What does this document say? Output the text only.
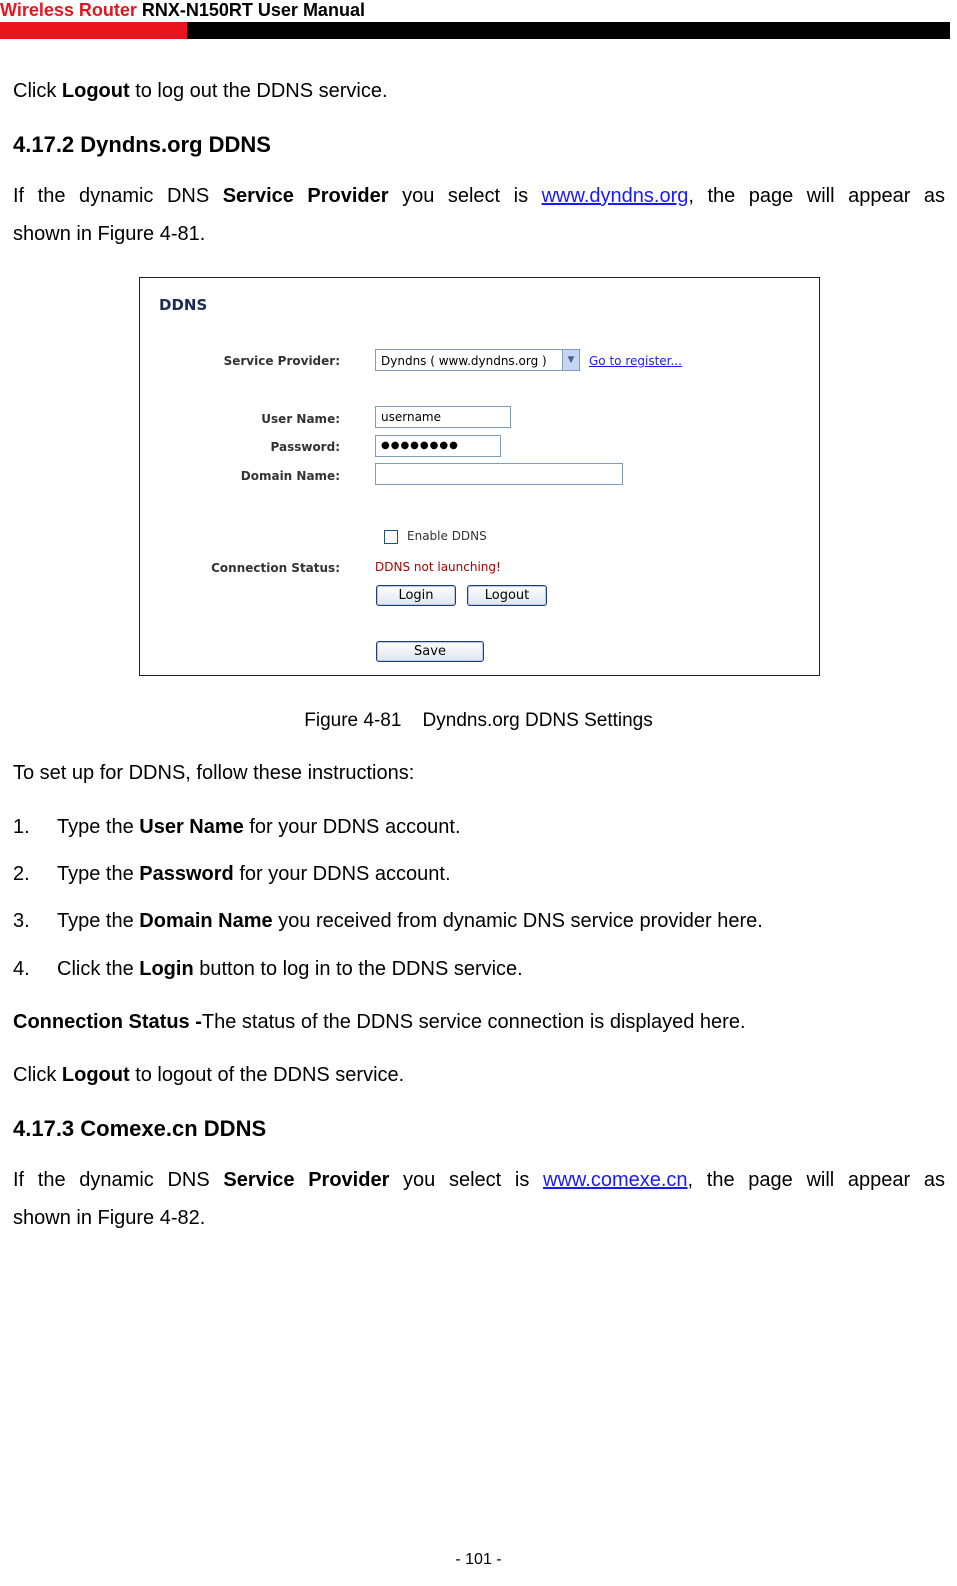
Wireless Router RNX-N150RT User Manual
Click Logout to log out the DDNS service.
4.17.2 Dyndns.org DDNS
If the dynamic DNS Service Provider you select is www.dyndns.org, the page will appear as
shown in Figure 4-81.
DDNS
Service Provider:	Dyndns ( www.dyndns.org )	▼	Go to register...
User Name:	username
Password:	●●●●●●●●
Domain Name:
Enable DDNS
Connection Status:	DDNS not launching!
Login	Logout
Save
Figure 4-81    Dyndns.org DDNS Settings
To set up for DDNS, follow these instructions:
1. Type the User Name for your DDNS account.
2. Type the Password for your DDNS account.
3. Type the Domain Name you received from dynamic DNS service provider here.
4. Click the Login button to log in to the DDNS service.
Connection Status -The status of the DDNS service connection is displayed here.
Click Logout to logout of the DDNS service.
4.17.3 Comexe.cn DDNS
If the dynamic DNS Service Provider you select is www.comexe.cn, the page will appear as
shown in Figure 4-82.
- 101 -
